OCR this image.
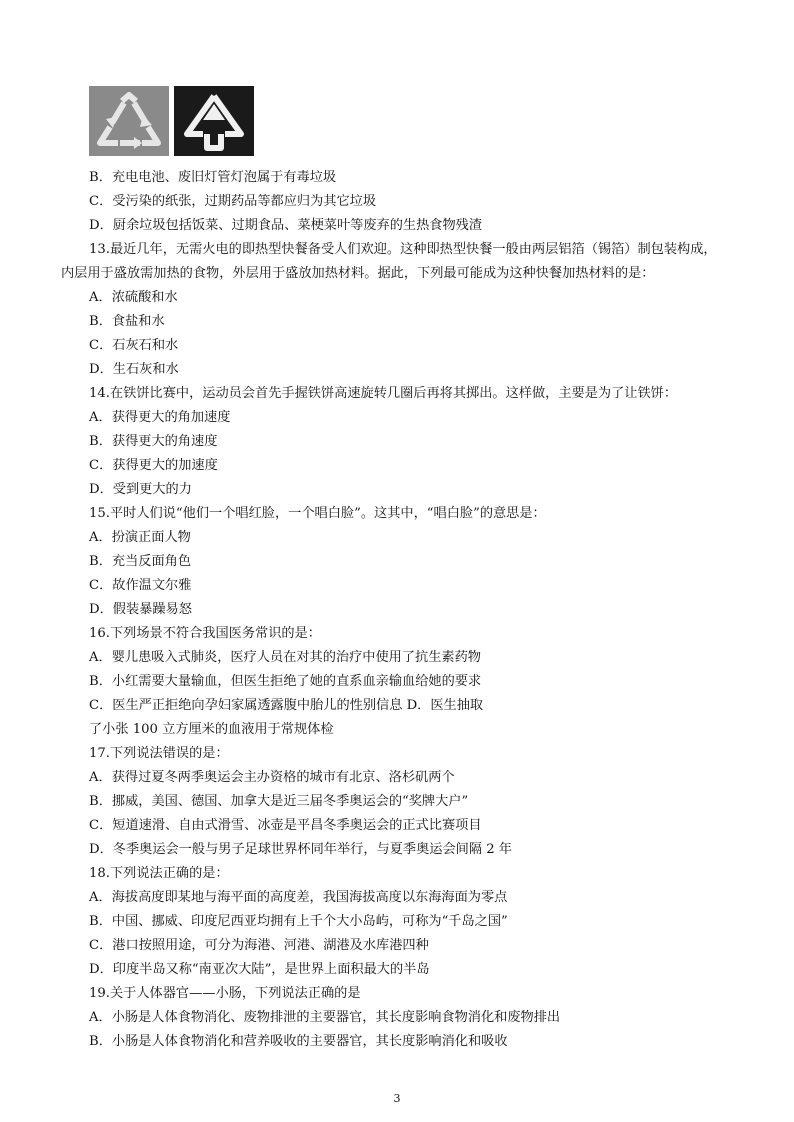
B．充电电池、废旧灯管灯泡属于有毒垃圾
C．受污染的纸张，过期药品等都应归为其它垃圾
D．厨余垃圾包括饭菜、过期食品、菜梗菜叶等废弃的生热食物残渣
13.最近几年，无需火电的即热型快餐备受人们欢迎。这种即热型快餐一般由两层铝箔（锡箔）制包装构成，
内层用于盛放需加热的食物，外层用于盛放加热材料。据此，下列最可能成为这种快餐加热材料的是：
A．浓硫酸和水
B．食盐和水
C．石灰石和水
D．生石灰和水
14.在铁饼比赛中，运动员会首先手握铁饼高速旋转几圈后再将其掷出。这样做，主要是为了让铁饼：
A．获得更大的角加速度
B．获得更大的角速度
C．获得更大的加速度
D．受到更大的力
15.平时人们说“他们一个唱红脸，一个唱白脸”。这其中，“唱白脸”的意思是：
A．扮演正面人物
B．充当反面角色
C．故作温文尔雅
D．假装暴躁易怒
16.下列场景不符合我国医务常识的是：
A．婴儿患吸入式肺炎，医疗人员在对其的治疗中使用了抗生素药物
B．小红需要大量输血，但医生拒绝了她的直系血亲输血给她的要求
C．医生严正拒绝向孕妇家属透露腹中胎儿的性别信息 D．医生抽取
了小张 100 立方厘米的血液用于常规体检
17.下列说法错误的是：
A．获得过夏冬两季奥运会主办资格的城市有北京、洛杉矶两个
B．挪威，美国、德国、加拿大是近三届冬季奥运会的“奖牌大户”
C．短道速滑、自由式滑雪、冰壶是平昌冬季奥运会的正式比赛项目
D．冬季奥运会一般与男子足球世界杯同年举行，与夏季奥运会间隔 2 年
18.下列说法正确的是：
A．海拔高度即某地与海平面的高度差，我国海拔高度以东海海面为零点
B．中国、挪威、印度尼西亚均拥有上千个大小岛屿，可称为“千岛之国”
C．港口按照用途，可分为海港、河港、湖港及水库港四种
D．印度半岛又称“南亚次大陆”，是世界上面积最大的半岛
19.关于人体器官——小肠，下列说法正确的是
A．小肠是人体食物消化、废物排泄的主要器官，其长度影响食物消化和废物排出
B．小肠是人体食物消化和营养吸收的主要器官，其长度影响消化和吸收
3
